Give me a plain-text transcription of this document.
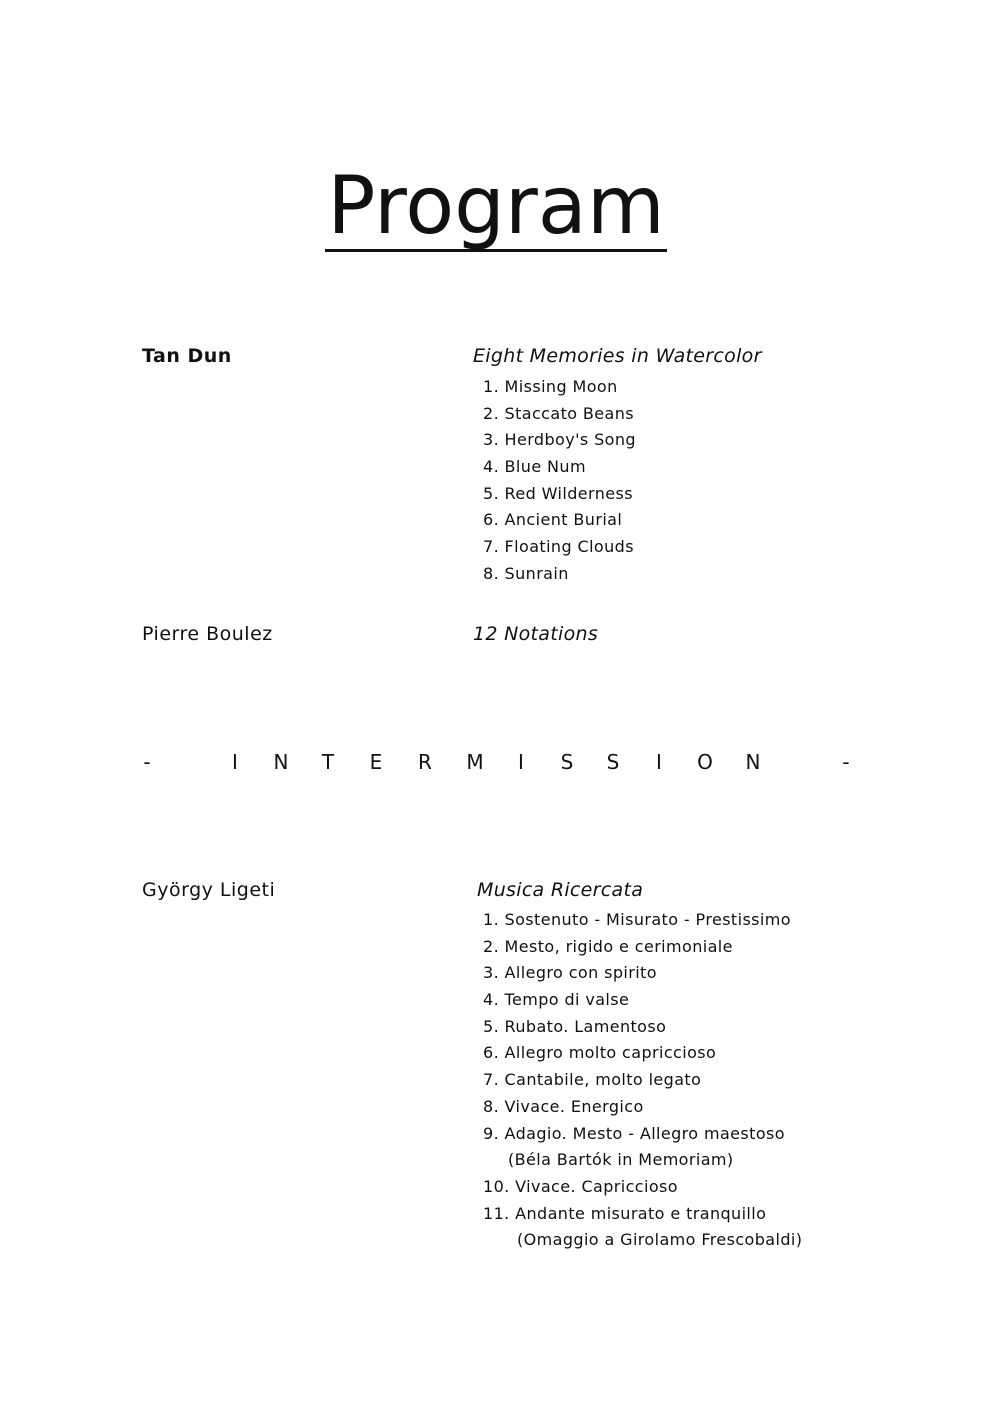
Program
Tan Dun	Eight Memories in Watercolor
1. Missing Moon
2. Staccato Beans
3. Herdboy's Song
4. Blue Num
5. Red Wilderness
6. Ancient Burial
7. Floating Clouds
8. Sunrain
Pierre Boulez	12 Notations
-	I N T E R M I S S I O N	-
György Ligeti	Musica Ricercata
1. Sostenuto - Misurato - Prestissimo
2. Mesto, rigido e cerimoniale
3. Allegro con spirito
4. Tempo di valse
5. Rubato. Lamentoso
6. Allegro molto capriccioso
7. Cantabile, molto legato
8. Vivace. Energico
9. Adagio. Mesto - Allegro maestoso
(Béla Bartók in Memoriam)
10. Vivace. Capriccioso
11. Andante misurato e tranquillo
(Omaggio a Girolamo Frescobaldi)
